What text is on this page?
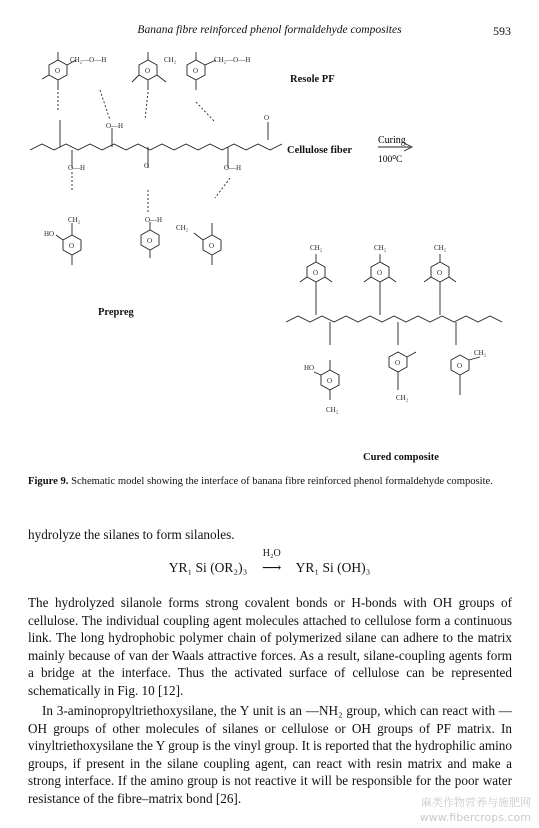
Banana fibre reinforced phenol formaldehyde composites	593
O	O	O
CH₂—O—H	CH₂—O—H
CH₂
O—H
O—H	O
O—H
O—H
O
HO
O
O
O
CH₂
CH₂
O	O	O
CH₂	CH₂	CH₂
HO
O
O	O
CH₂
CH₂
CH₂
Resole PF
Cellulose fiber
Prepreg
Cured composite
Curing
100⁰C
Figure 9. Schematic model showing the interface of banana fibre reinforced phenol formaldehyde composite.

hydrolyze the silanes to form silanoles.

YR₁ Si (OR₂)₃
H₂O
⟶ YR₁ Si (OH)₃

The hydrolyzed silanole forms strong covalent bonds or H-bonds with OH groups of cellulose. The individual coupling agent molecules attached to cellulose form a continuous link. The long hydrophobic polymer chain of polymerized silane can adhere to the matrix mainly because of van der Waals attractive forces. As a result, silane-coupling agents form a bridge at the interface. Thus the activated surface of cellulose can be represented schematically in Fig. 10 [12].

In 3-aminopropyltriethoxysilane, the Y unit is an —NH₂ group, which can react with —OH groups of other molecules of silanes or cellulose or OH groups of PF matrix. In vinyltriethoxysilane the Y group is the vinyl group. It is reported that the hydrophilic amino groups, if present in the silane coupling agent, can react with resin matrix and make a strong interface. If the amino group is not reactive it will be responsible for the poor water resistance of the fibre–matrix bond [26].	麻类作物营养与施肥网
www.fibercrops.com
